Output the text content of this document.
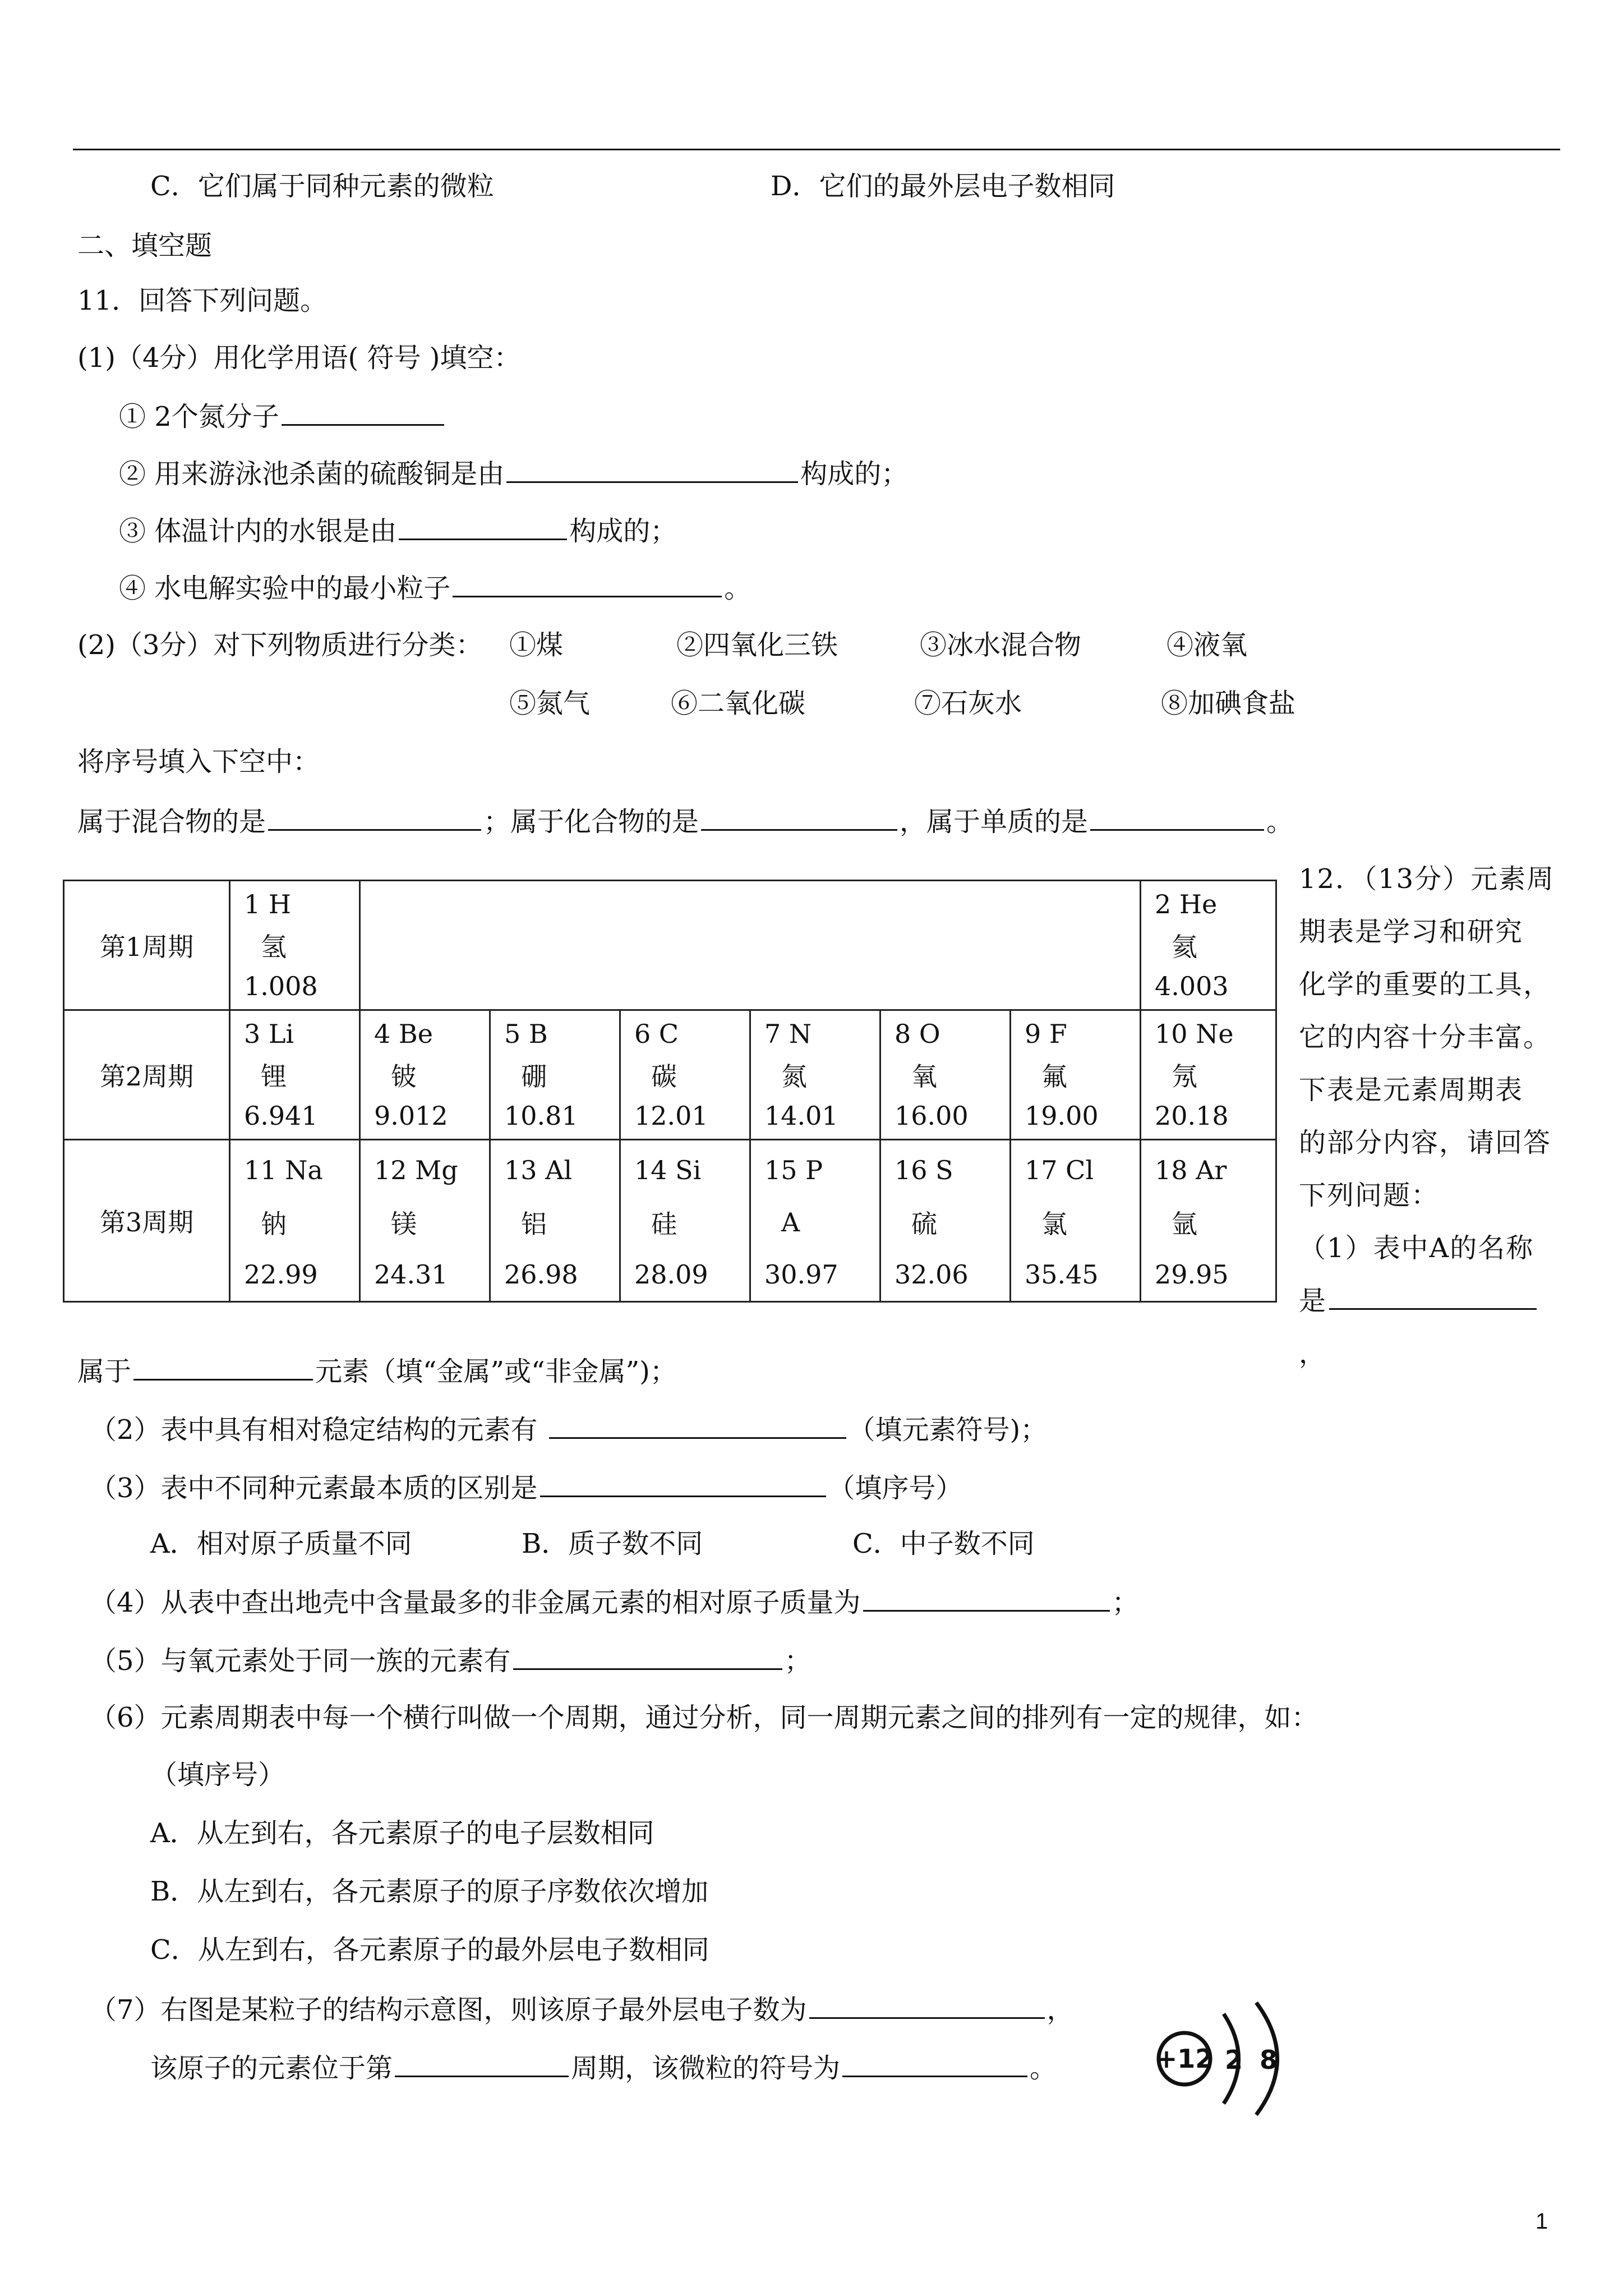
C．它们属于同种元素的微粒	D．它们的最外层电子数相同
二、填空题
11．回答下列问题。
(1)（4分）用化学用语( 符号 )填空：
① 2个氮分子
② 用来游泳池杀菌的硫酸铜是由	构成的；
③ 体温计内的水银是由	构成的；
④ 水电解实验中的最小粒子	。
(2)（3分）对下列物质进行分类： ①煤	②四氧化三铁	③冰水混合物	④液氧
⑤氮气	⑥二氧化碳	⑦石灰水	⑧加碘食盐
将序号填入下空中：
属于混合物的是	；属于化合物的是	，属于单质的是	。
第1周期	1 H
氢
1.008							2 He
氦
4.003

第2周期	3 Li
锂
6.941	4 Be
铍
9.012	5 B
硼
10.81	6 C
碳
12.01	7 N
氮
14.01	8 O
氧
16.00	9 F
氟
19.00	10 Ne
氖
20.18

第3周期	11 Na
钠
22.99	12 Mg
镁
24.31	13 Al
铝
26.98	14 Si
硅
28.09	15 P
A
30.97	16 S
硫
32.06	17 Cl
氯
35.45	18 Ar
氩
29.95
12．（13分）元素周
期表是学习和研究
化学的重要的工具，
它的内容十分丰富。
下表是元素周期表
的部分内容，请回答
下列问题：
（1）表中A的名称
是，
属于	元素（填“金属”或“非金属”)；
（2）表中具有相对稳定结构的元素有	（填元素符号)；
（3）表中不同种元素最本质的区别是	（填序号）
A．相对原子质量不同	B．质子数不同	C．中子数不同
（4）从表中查出地壳中含量最多的非金属元素的相对原子质量为	；
（5）与氧元素处于同一族的元素有	；
（6）元素周期表中每一个横行叫做一个周期，通过分析，同一周期元素之间的排列有一定的规律，如：
（填序号）
A．从左到右，各元素原子的电子层数相同
B．从左到右，各元素原子的原子序数依次增加
C．从左到右，各元素原子的最外层电子数相同
（7）右图是某粒子的结构示意图，则该原子最外层电子数为	，
该原子的元素位于第	周期，该微粒的符号为	。	+12 2 8
1
